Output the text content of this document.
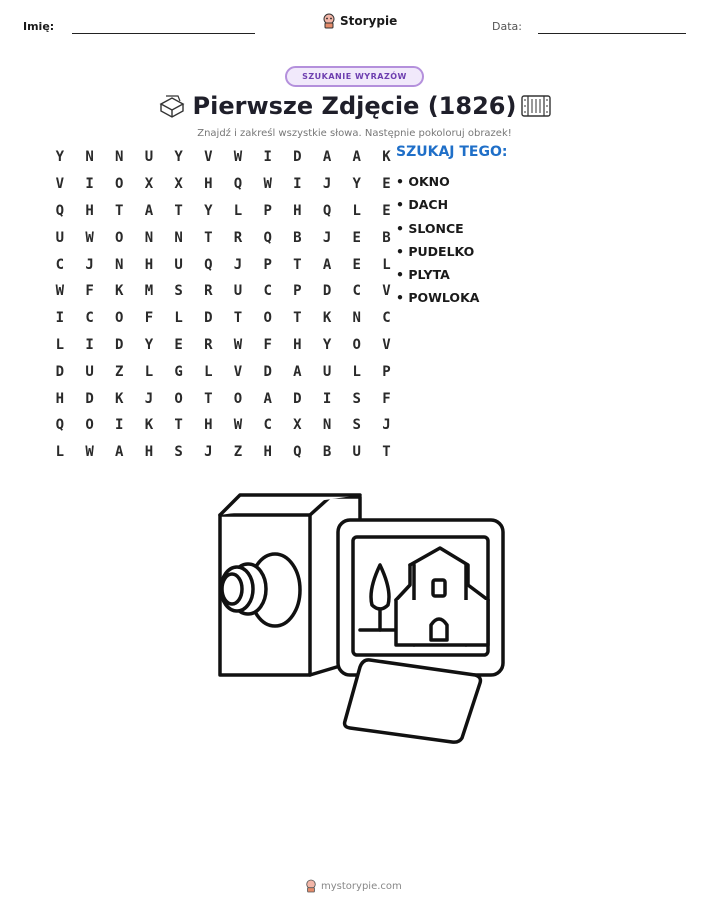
Imię:	Storypie	Data:
SZUKANIE WYRAZÓW
Pierwsze Zdjęcie (1826)
Znajdź i zakreśl wszystkie słowa. Następnie pokoloruj obrazek!
Y	N	N	U	Y	V	W	I	D	A	A	K
V	I	O	X	X	H	Q	W	I	J	Y	E
Q	H	T	A	T	Y	L	P	H	Q	L	E
U	W	O	N	N	T	R	Q	B	J	E	B
C	J	N	H	U	Q	J	P	T	A	E	L
W	F	K	M	S	R	U	C	P	D	C	V
I	C	O	F	L	D	T	O	T	K	N	C
L	I	D	Y	E	R	W	F	H	Y	O	V
D	U	Z	L	G	L	V	D	A	U	L	P
H	D	K	J	O	T	O	A	D	I	S	F
Q	O	I	K	T	H	W	C	X	N	S	J
L	W	A	H	S	J	Z	H	Q	B	U	T
SZUKAJ TEGO:
• OKNO
• DACH
• SLONCE
• PUDELKO
• PLYTA
• POWLOKA
mystorypie.com
